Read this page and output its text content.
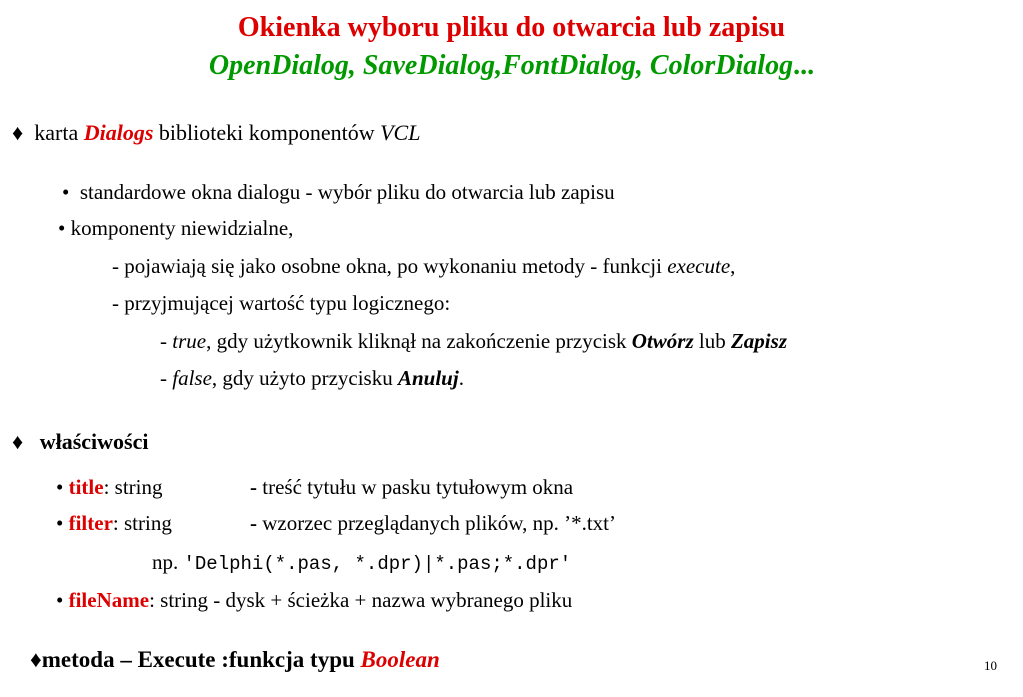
Okienka wyboru pliku do otwarcia lub zapisu
OpenDialog, SaveDialog,FontDialog, ColorDialog...
♦ karta Dialogs biblioteki komponentów VCL
• standardowe okna dialogu - wybór pliku do otwarcia lub zapisu
• komponenty niewidzialne,
- pojawiają się jako osobne okna, po wykonaniu metody - funkcji execute,
- przyjmującej wartość typu logicznego:
- true, gdy użytkownik kliknął na zakończenie przycisk Otwórz lub Zapisz
- false, gdy użyto przycisku Anuluj.
♦ właściwości
• title: string	- treść tytułu w pasku tytułowym okna
• filter: string	- wzorzec przeglądanych plików, np. ’*.txt’
np. 'Delphi(*.pas, *.dpr)|*.pas;*.dpr'
• fileName: string - dysk + ścieżka + nazwa wybranego pliku
♦metoda – Execute :funkcja typu Boolean	10
